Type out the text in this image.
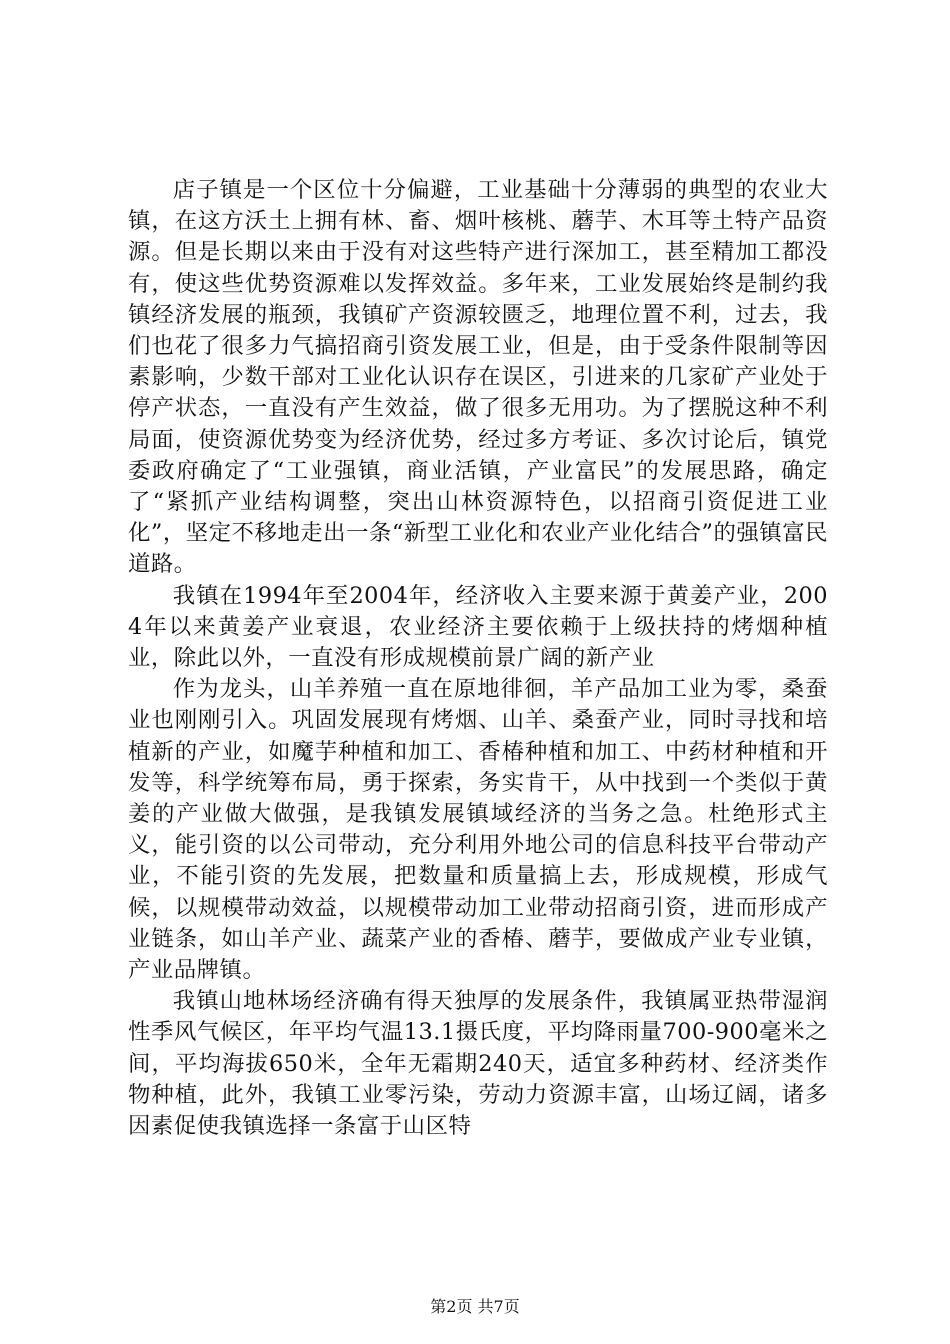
店子镇是一个区位十分偏避，工业基础十分薄弱的典型的农业大镇，在这方沃土上拥有林、畜、烟叶核桃、蘑芋、木耳等土特产品资源。但是长期以来由于没有对这些特产进行深加工，甚至精加工都没有，使这些优势资源难以发挥效益。多年来，工业发展始终是制约我镇经济发展的瓶颈，我镇矿产资源较匮乏，地理位置不利，过去，我们也花了很多力气搞招商引资发展工业，但是，由于受条件限制等因素影响，少数干部对工业化认识存在误区，引进来的几家矿产业处于停产状态，一直没有产生效益，做了很多无用功。为了摆脱这种不利局面，使资源优势变为经济优势，经过多方考证、多次讨论后，镇党委政府确定了“工业强镇，商业活镇，产业富民”的发展思路，确定了“紧抓产业结构调整，突出山林资源特色，以招商引资促进工业化”，坚定不移地走出一条“新型工业化和农业产业化结合”的强镇富民道路。

我镇在1994年至2004年，经济收入主要来源于黄姜产业，2004年以来黄姜产业衰退，农业经济主要依赖于上级扶持的烤烟种植业，除此以外，一直没有形成规模前景广阔的新产业

作为龙头，山羊养殖一直在原地徘徊，羊产品加工业为零，桑蚕业也刚刚引入。巩固发展现有烤烟、山羊、桑蚕产业，同时寻找和培植新的产业，如魔芋种植和加工、香椿种植和加工、中药材种植和开发等，科学统筹布局，勇于探索，务实肯干，从中找到一个类似于黄姜的产业做大做强，是我镇发展镇域经济的当务之急。杜绝形式主义，能引资的以公司带动，充分利用外地公司的信息科技平台带动产业，不能引资的先发展，把数量和质量搞上去，形成规模，形成气候，以规模带动效益，以规模带动加工业带动招商引资，进而形成产业链条，如山羊产业、蔬菜产业的香椿、蘑芋，要做成产业专业镇，产业品牌镇。

我镇山地林场经济确有得天独厚的发展条件，我镇属亚热带湿润性季风气候区，年平均气温13.1摄氏度，平均降雨量700-900毫米之间，平均海拔650米，全年无霜期240天，适宜多种药材、经济类作物种植，此外，我镇工业零污染，劳动力资源丰富，山场辽阔，诸多因素促使我镇选择一条富于山区特

第2页 共7页
